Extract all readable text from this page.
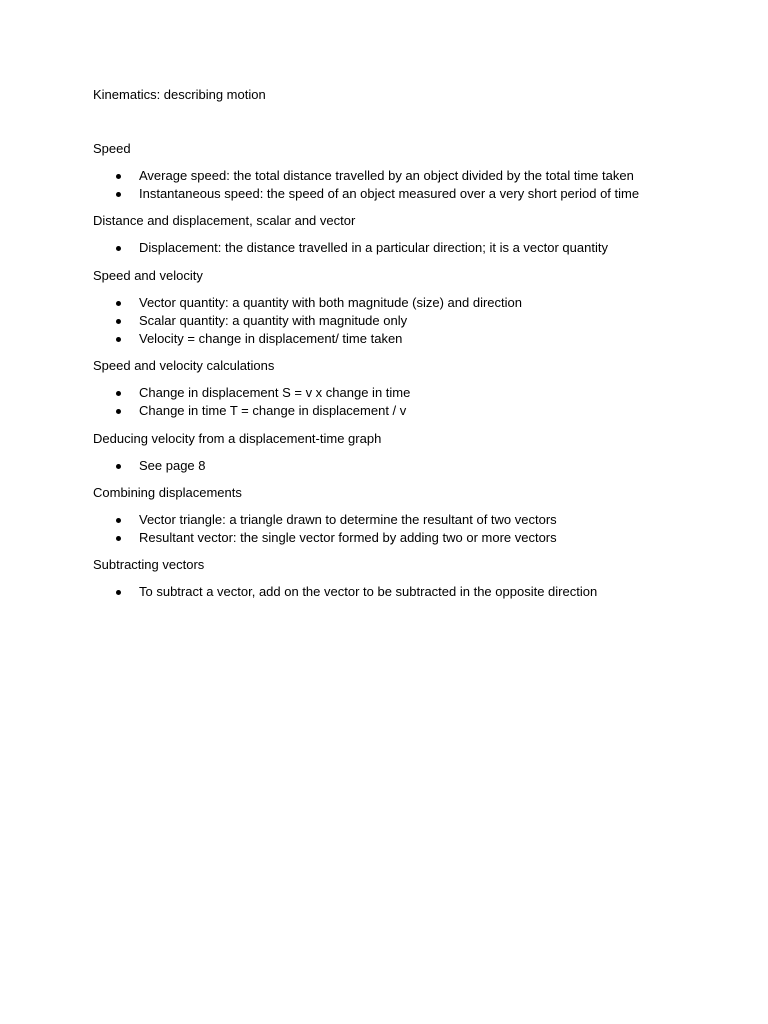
Kinematics: describing motion
Speed
Average speed: the total distance travelled by an object divided by the total time taken
Instantaneous speed: the speed of an object measured over a very short period of time
Distance and displacement, scalar and vector
Displacement: the distance travelled in a particular direction; it is a vector quantity
Speed and velocity
Vector quantity: a quantity with both magnitude (size) and direction
Scalar quantity: a quantity with magnitude only
Velocity = change in displacement/ time taken
Speed and velocity calculations
Change in displacement S = v x change in time
Change in time T = change in displacement / v
Deducing velocity from a displacement-time graph
See page 8
Combining displacements
Vector triangle: a triangle drawn to determine the resultant of two vectors
Resultant vector: the single vector formed by adding two or more vectors
Subtracting vectors
To subtract a vector, add on the vector to be subtracted in the opposite direction
